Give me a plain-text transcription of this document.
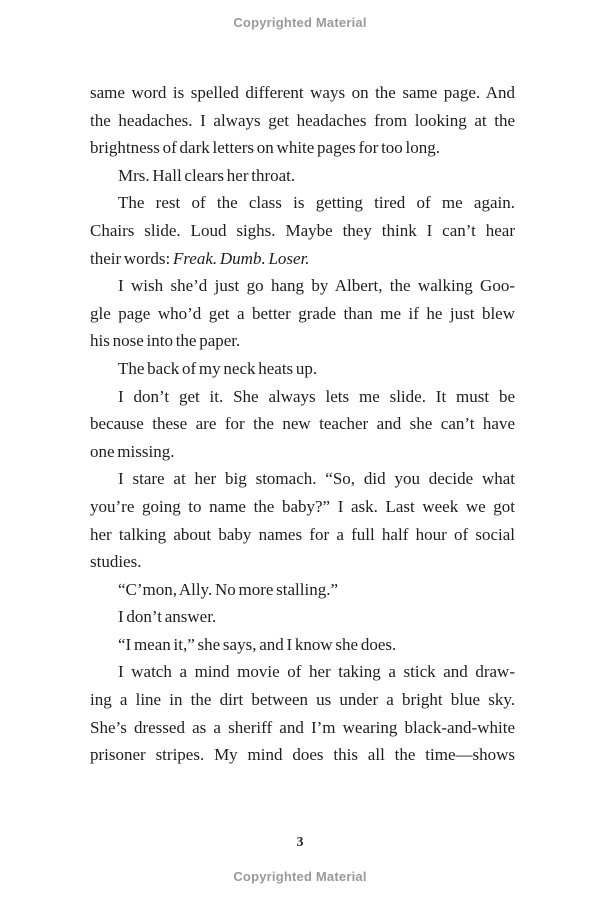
Copyrighted Material
same word is spelled different ways on the same page. And
the headaches. I always get headaches from looking at the
brightness of dark letters on white pages for too long.
Mrs. Hall clears her throat.
The rest of the class is getting tired of me again.
Chairs slide. Loud sighs. Maybe they think I can’t hear
their words: Freak. Dumb. Loser.
I wish she’d just go hang by Albert, the walking Goo-
gle page who’d get a better grade than me if he just blew
his nose into the paper.
The back of my neck heats up.
I don’t get it. She always lets me slide. It must be
because these are for the new teacher and she can’t have
one missing.
I stare at her big stomach. “So, did you decide what
you’re going to name the baby?” I ask. Last week we got
her talking about baby names for a full half hour of social
studies.
“C’mon, Ally. No more stalling.”
I don’t answer.
“I mean it,” she says, and I know she does.
I watch a mind movie of her taking a stick and draw-
ing a line in the dirt between us under a bright blue sky.
She’s dressed as a sheriff and I’m wearing black-and-white
prisoner stripes. My mind does this all the time—shows
3
Copyrighted Material
